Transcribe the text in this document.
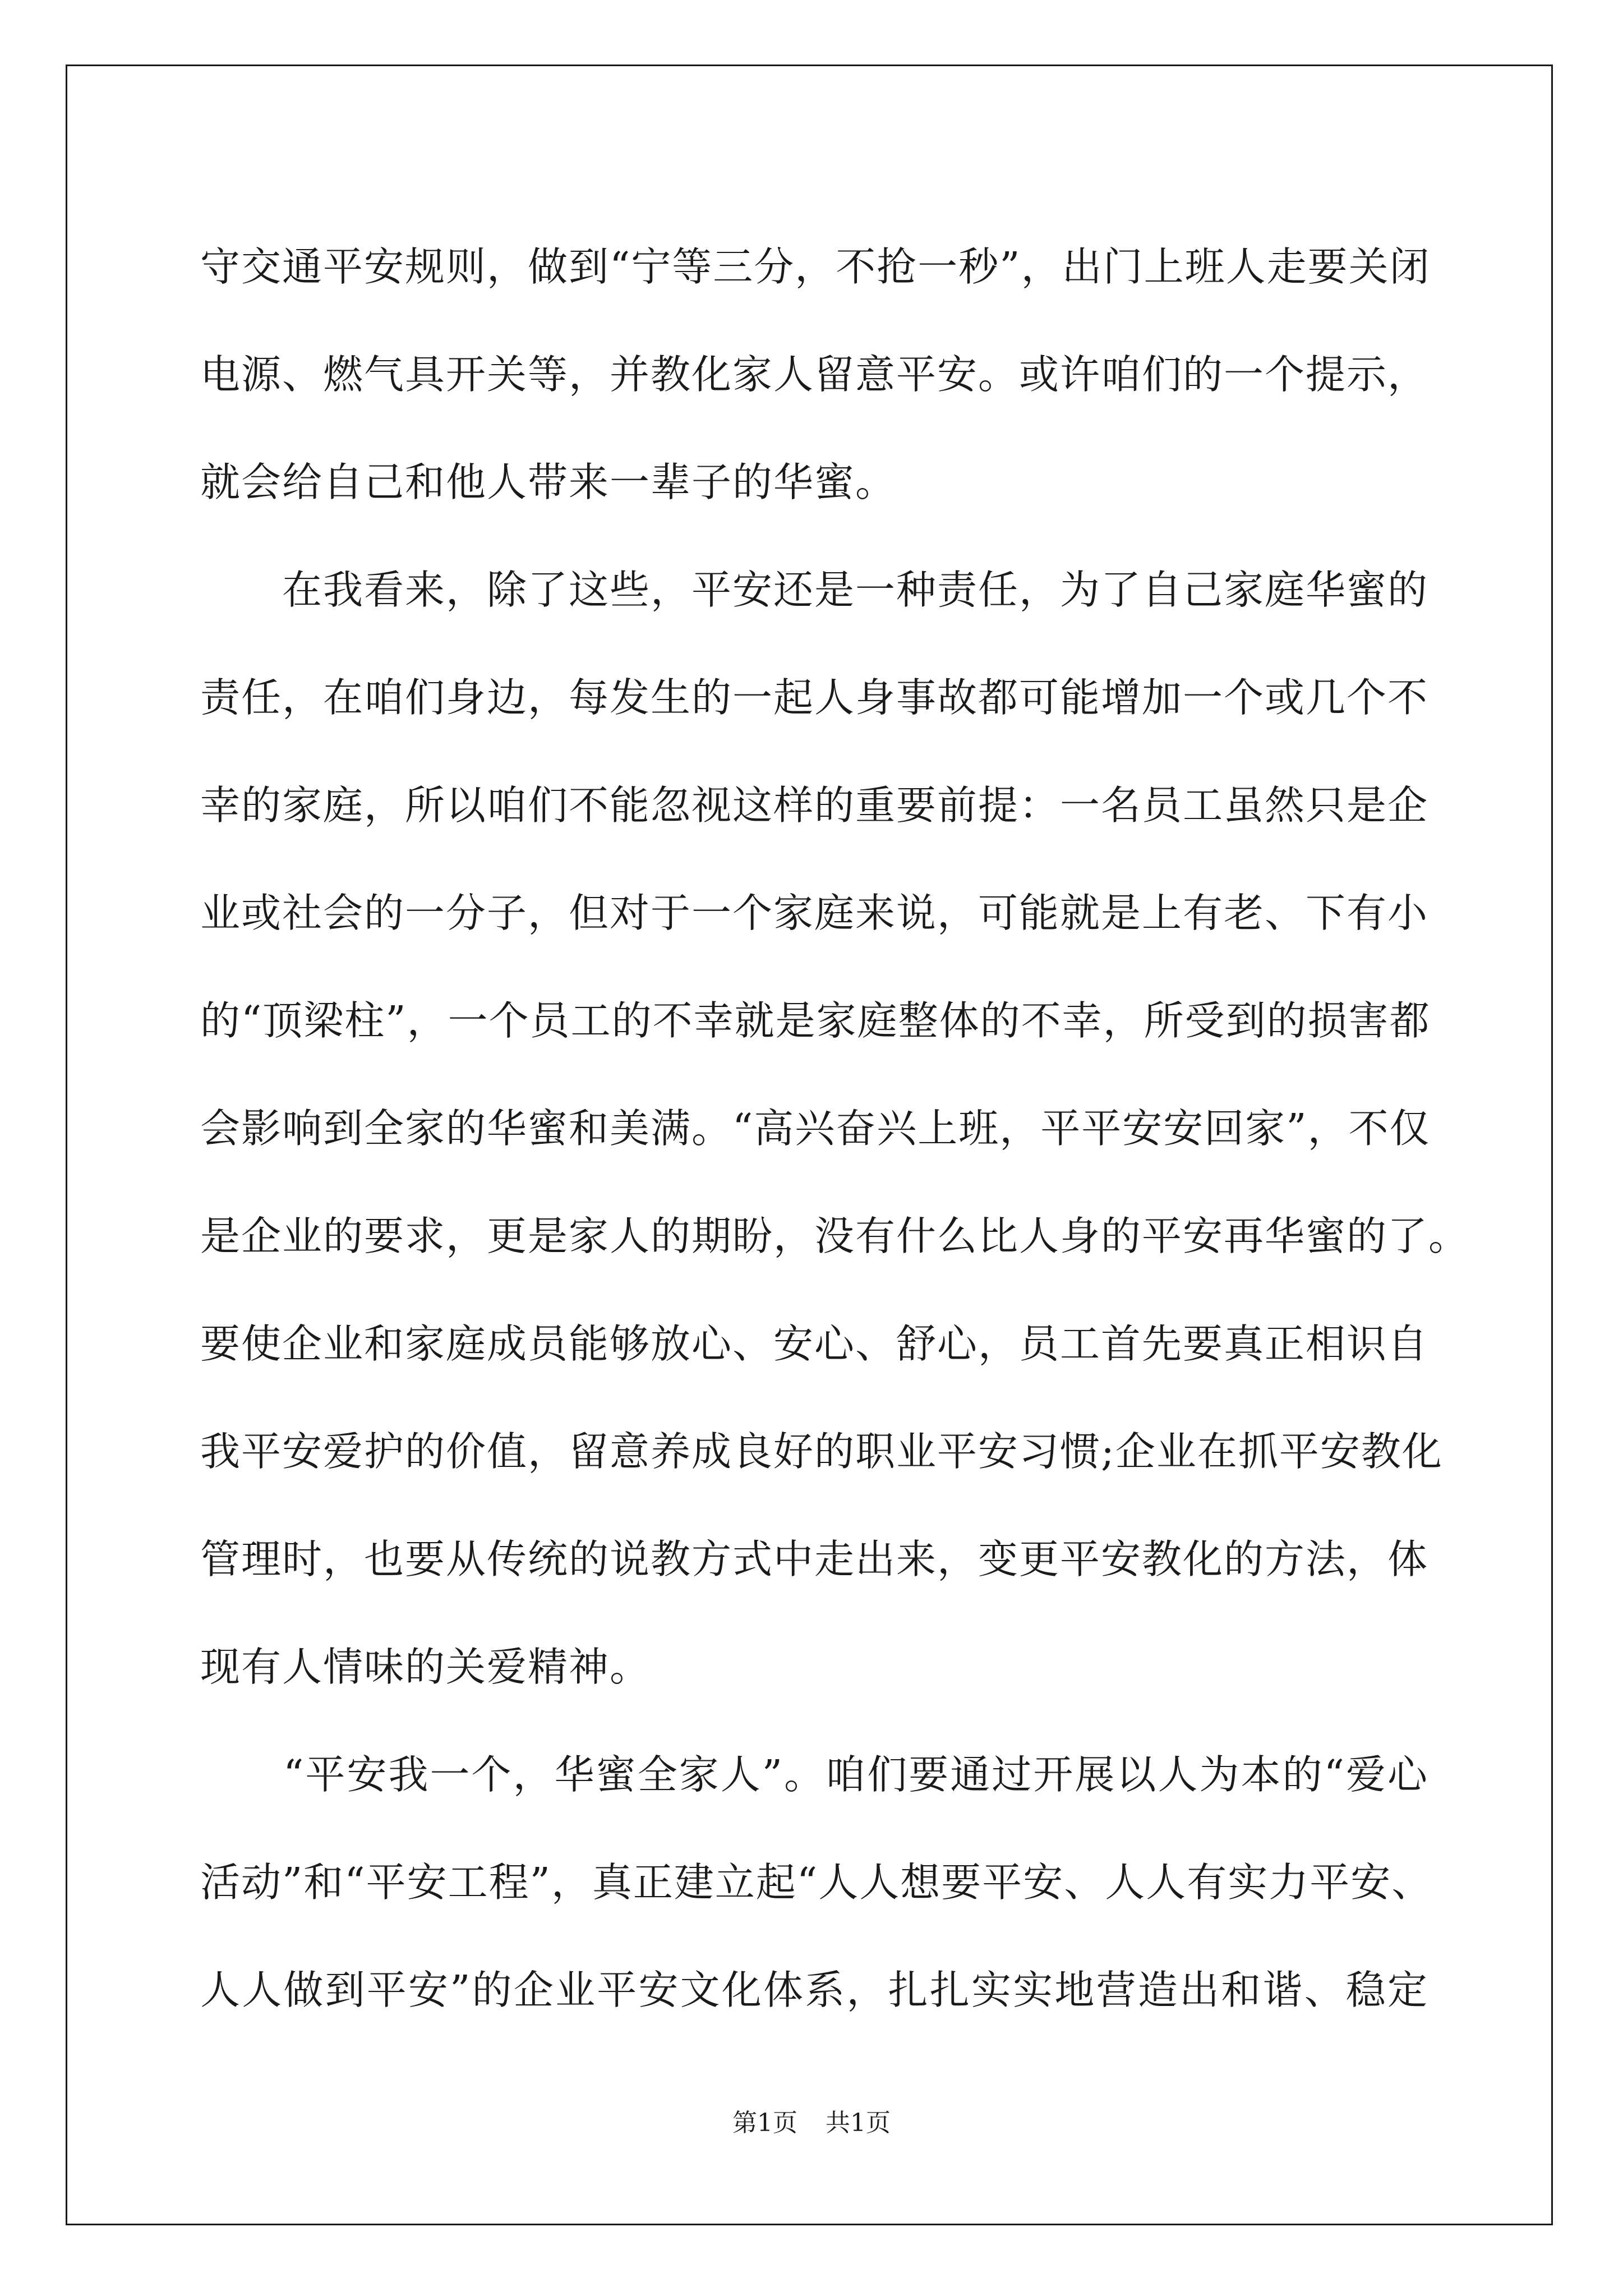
守交通平安规则，做到“宁等三分，不抢一秒”，出门上班人走要关闭
电源、燃气具开关等，并教化家人留意平安。或许咱们的一个提示，
就会给自己和他人带来一辈子的华蜜。
　　在我看来，除了这些，平安还是一种责任，为了自己家庭华蜜的
责任，在咱们身边，每发生的一起人身事故都可能增加一个或几个不
幸的家庭，所以咱们不能忽视这样的重要前提：一名员工虽然只是企
业或社会的一分子，但对于一个家庭来说，可能就是上有老、下有小
的“顶梁柱”，一个员工的不幸就是家庭整体的不幸，所受到的损害都
会影响到全家的华蜜和美满。“高兴奋兴上班，平平安安回家”，不仅
是企业的要求，更是家人的期盼，没有什么比人身的平安再华蜜的了。
要使企业和家庭成员能够放心、安心、舒心，员工首先要真正相识自
我平安爱护的价值，留意养成良好的职业平安习惯;企业在抓平安教化
管理时，也要从传统的说教方式中走出来，变更平安教化的方法，体
现有人情味的关爱精神。
　　“平安我一个，华蜜全家人”。咱们要通过开展以人为本的“爱心
活动”和“平安工程”，真正建立起“人人想要平安、人人有实力平安、
人人做到平安”的企业平安文化体系，扎扎实实地营造出和谐、稳定
第1页 共1页
